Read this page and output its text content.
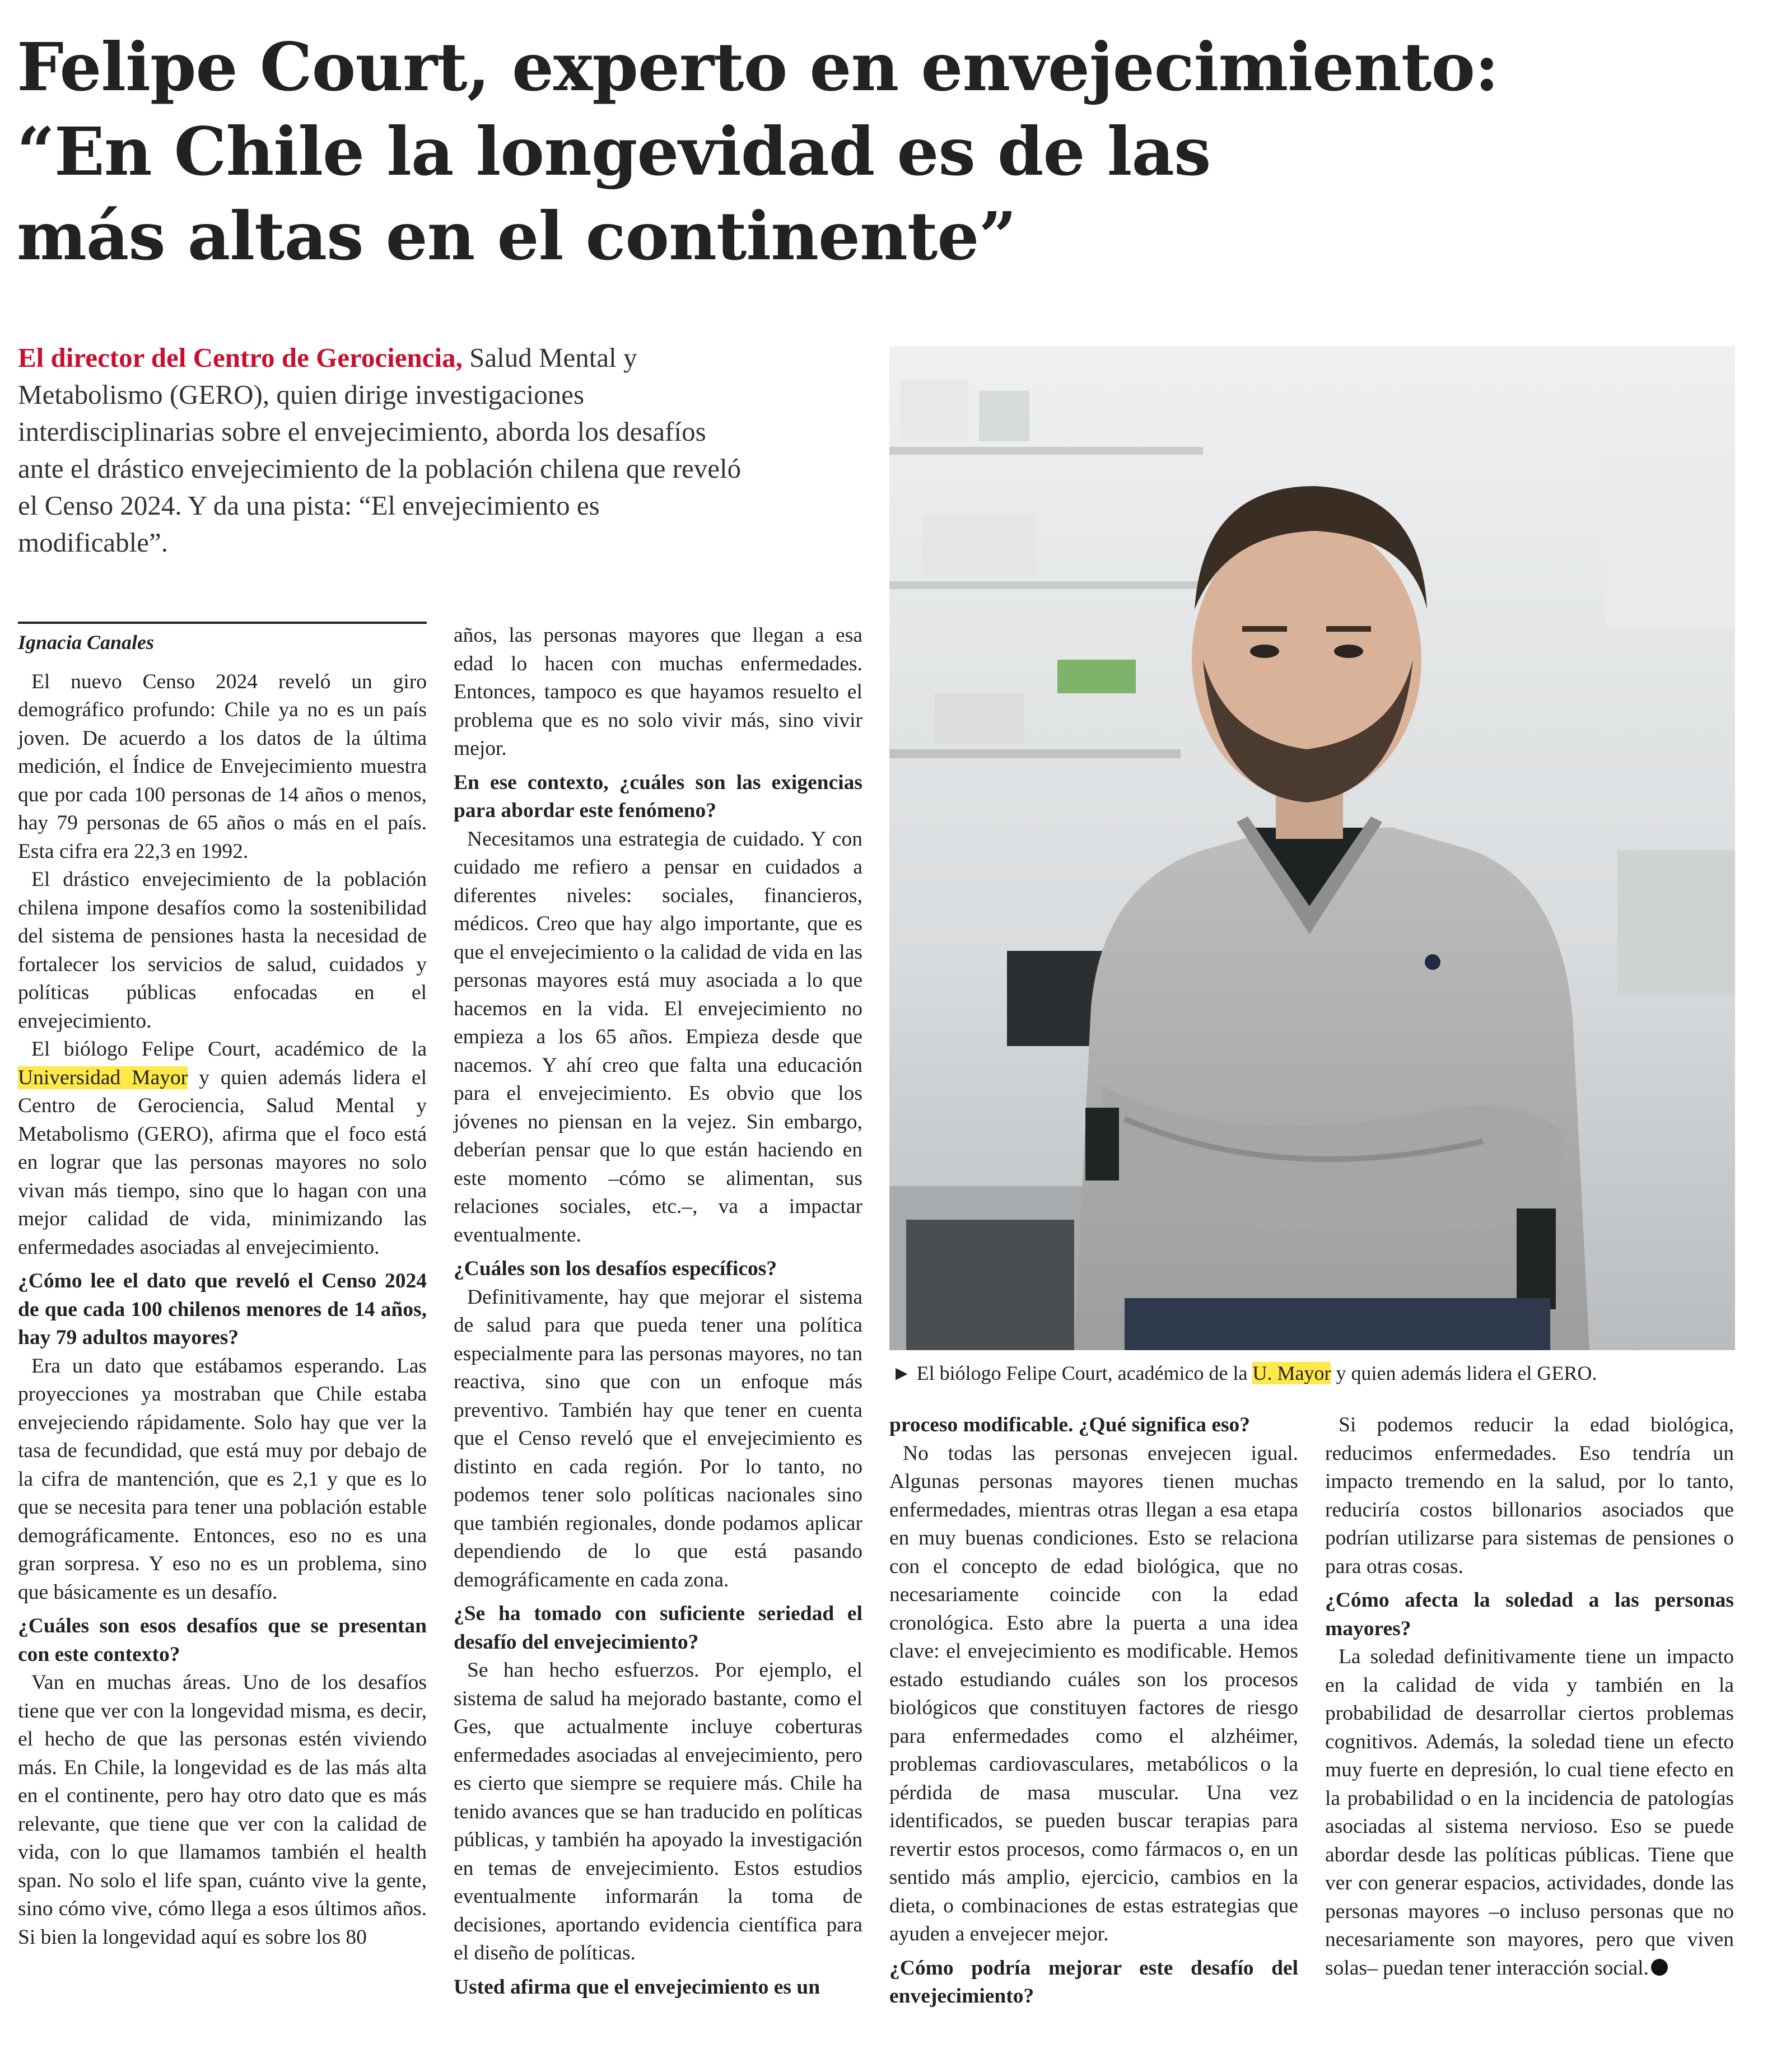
Felipe Court, experto en envejecimiento:
“En Chile la longevidad es de las
más altas en el continente”

El director del Centro de Gerociencia, Salud Mental y Metabolismo (GERO), quien dirige investigaciones interdisciplinarias sobre el envejecimiento, aborda los desafíos ante el drástico envejecimiento de la población chilena que reveló el Censo 2024. Y da una pista: “El envejecimiento es modificable”.

► El biólogo Felipe Court, académico de la U. Mayor y quien además lidera el GERO.

Ignacia Canales

El nuevo Censo 2024 reveló un giro demográfico profundo: Chile ya no es un país joven. De acuerdo a los datos de la última medición, el Índice de Envejecimiento muestra que por cada 100 personas de 14 años o menos, hay 79 personas de 65 años o más en el país. Esta cifra era 22,3 en 1992.

El drástico envejecimiento de la población chilena impone desafíos como la sostenibilidad del sistema de pensiones hasta la necesidad de fortalecer los servicios de salud, cuidados y políticas públicas enfocadas en el envejecimiento.

El biólogo Felipe Court, académico de la Universidad Mayor y quien además lidera el Centro de Gerociencia, Salud Mental y Metabolismo (GERO), afirma que el foco está en lograr que las personas mayores no solo vivan más tiempo, sino que lo hagan con una mejor calidad de vida, minimizando las enfermedades asociadas al envejecimiento.

¿Cómo lee el dato que reveló el Censo 2024 de que cada 100 chilenos menores de 14 años, hay 79 adultos mayores?

Era un dato que estábamos esperando. Las proyecciones ya mostraban que Chile estaba envejeciendo rápidamente. Solo hay que ver la tasa de fecundidad, que está muy por debajo de la cifra de mantención, que es 2,1 y que es lo que se necesita para tener una población estable demográficamente. Entonces, eso no es una gran sorpresa. Y eso no es un problema, sino que básicamente es un desafío.

¿Cuáles son esos desafíos que se presentan con este contexto?

Van en muchas áreas. Uno de los desafíos tiene que ver con la longevidad misma, es decir, el hecho de que las personas estén viviendo más. En Chile, la longevidad es de las más alta en el continente, pero hay otro dato que es más relevante, que tiene que ver con la calidad de vida, con lo que llamamos también el health span. No solo el life span, cuánto vive la gente, sino cómo vive, cómo llega a esos últimos años. Si bien la longevidad aquí es sobre los 80

años, las personas mayores que llegan a esa edad lo hacen con muchas enfermedades. Entonces, tampoco es que hayamos resuelto el problema que es no solo vivir más, sino vivir mejor.

En ese contexto, ¿cuáles son las exigencias para abordar este fenómeno?

Necesitamos una estrategia de cuidado. Y con cuidado me refiero a pensar en cuidados a diferentes niveles: sociales, financieros, médicos. Creo que hay algo importante, que es que el envejecimiento o la calidad de vida en las personas mayores está muy asociada a lo que hacemos en la vida. El envejecimiento no empieza a los 65 años. Empieza desde que nacemos. Y ahí creo que falta una educación para el envejecimiento. Es obvio que los jóvenes no piensan en la vejez. Sin embargo, deberían pensar que lo que están haciendo en este momento –cómo se alimentan, sus relaciones sociales, etc.–, va a impactar eventualmente.

¿Cuáles son los desafíos específicos?

Definitivamente, hay que mejorar el sistema de salud para que pueda tener una política especialmente para las personas mayores, no tan reactiva, sino que con un enfoque más preventivo. También hay que tener en cuenta que el Censo reveló que el envejecimiento es distinto en cada región. Por lo tanto, no podemos tener solo políticas nacionales sino que también regionales, donde podamos aplicar dependiendo de lo que está pasando demográficamente en cada zona.

¿Se ha tomado con suficiente seriedad el desafío del envejecimiento?

Se han hecho esfuerzos. Por ejemplo, el sistema de salud ha mejorado bastante, como el Ges, que actualmente incluye coberturas enfermedades asociadas al envejecimiento, pero es cierto que siempre se requiere más. Chile ha tenido avances que se han traducido en políticas públicas, y también ha apoyado la investigación en temas de envejecimiento. Estos estudios eventualmente informarán la toma de decisiones, aportando evidencia científica para el diseño de políticas.

Usted afirma que el envejecimiento es un

proceso modificable. ¿Qué significa eso?

No todas las personas envejecen igual. Algunas personas mayores tienen muchas enfermedades, mientras otras llegan a esa etapa en muy buenas condiciones. Esto se relaciona con el concepto de edad biológica, que no necesariamente coincide con la edad cronológica. Esto abre la puerta a una idea clave: el envejecimiento es modificable. Hemos estado estudiando cuáles son los procesos biológicos que constituyen factores de riesgo para enfermedades como el alzhéimer, problemas cardiovasculares, metabólicos o la pérdida de masa muscular. Una vez identificados, se pueden buscar terapias para revertir estos procesos, como fármacos o, en un sentido más amplio, ejercicio, cambios en la dieta, o combinaciones de estas estrategias que ayuden a envejecer mejor.

¿Cómo podría mejorar este desafío del envejecimiento?

Si podemos reducir la edad biológica, reducimos enfermedades. Eso tendría un impacto tremendo en la salud, por lo tanto, reduciría costos billonarios asociados que podrían utilizarse para sistemas de pensiones o para otras cosas.

¿Cómo afecta la soledad a las personas mayores?

La soledad definitivamente tiene un impacto en la calidad de vida y también en la probabilidad de desarrollar ciertos problemas cognitivos. Además, la soledad tiene un efecto muy fuerte en depresión, lo cual tiene efecto en la probabilidad o en la incidencia de patologías asociadas al sistema nervioso. Eso se puede abordar desde las políticas públicas. Tiene que ver con generar espacios, actividades, donde las personas mayores –o incluso personas que no necesariamente son mayores, pero que viven solas– puedan tener interacción social.
